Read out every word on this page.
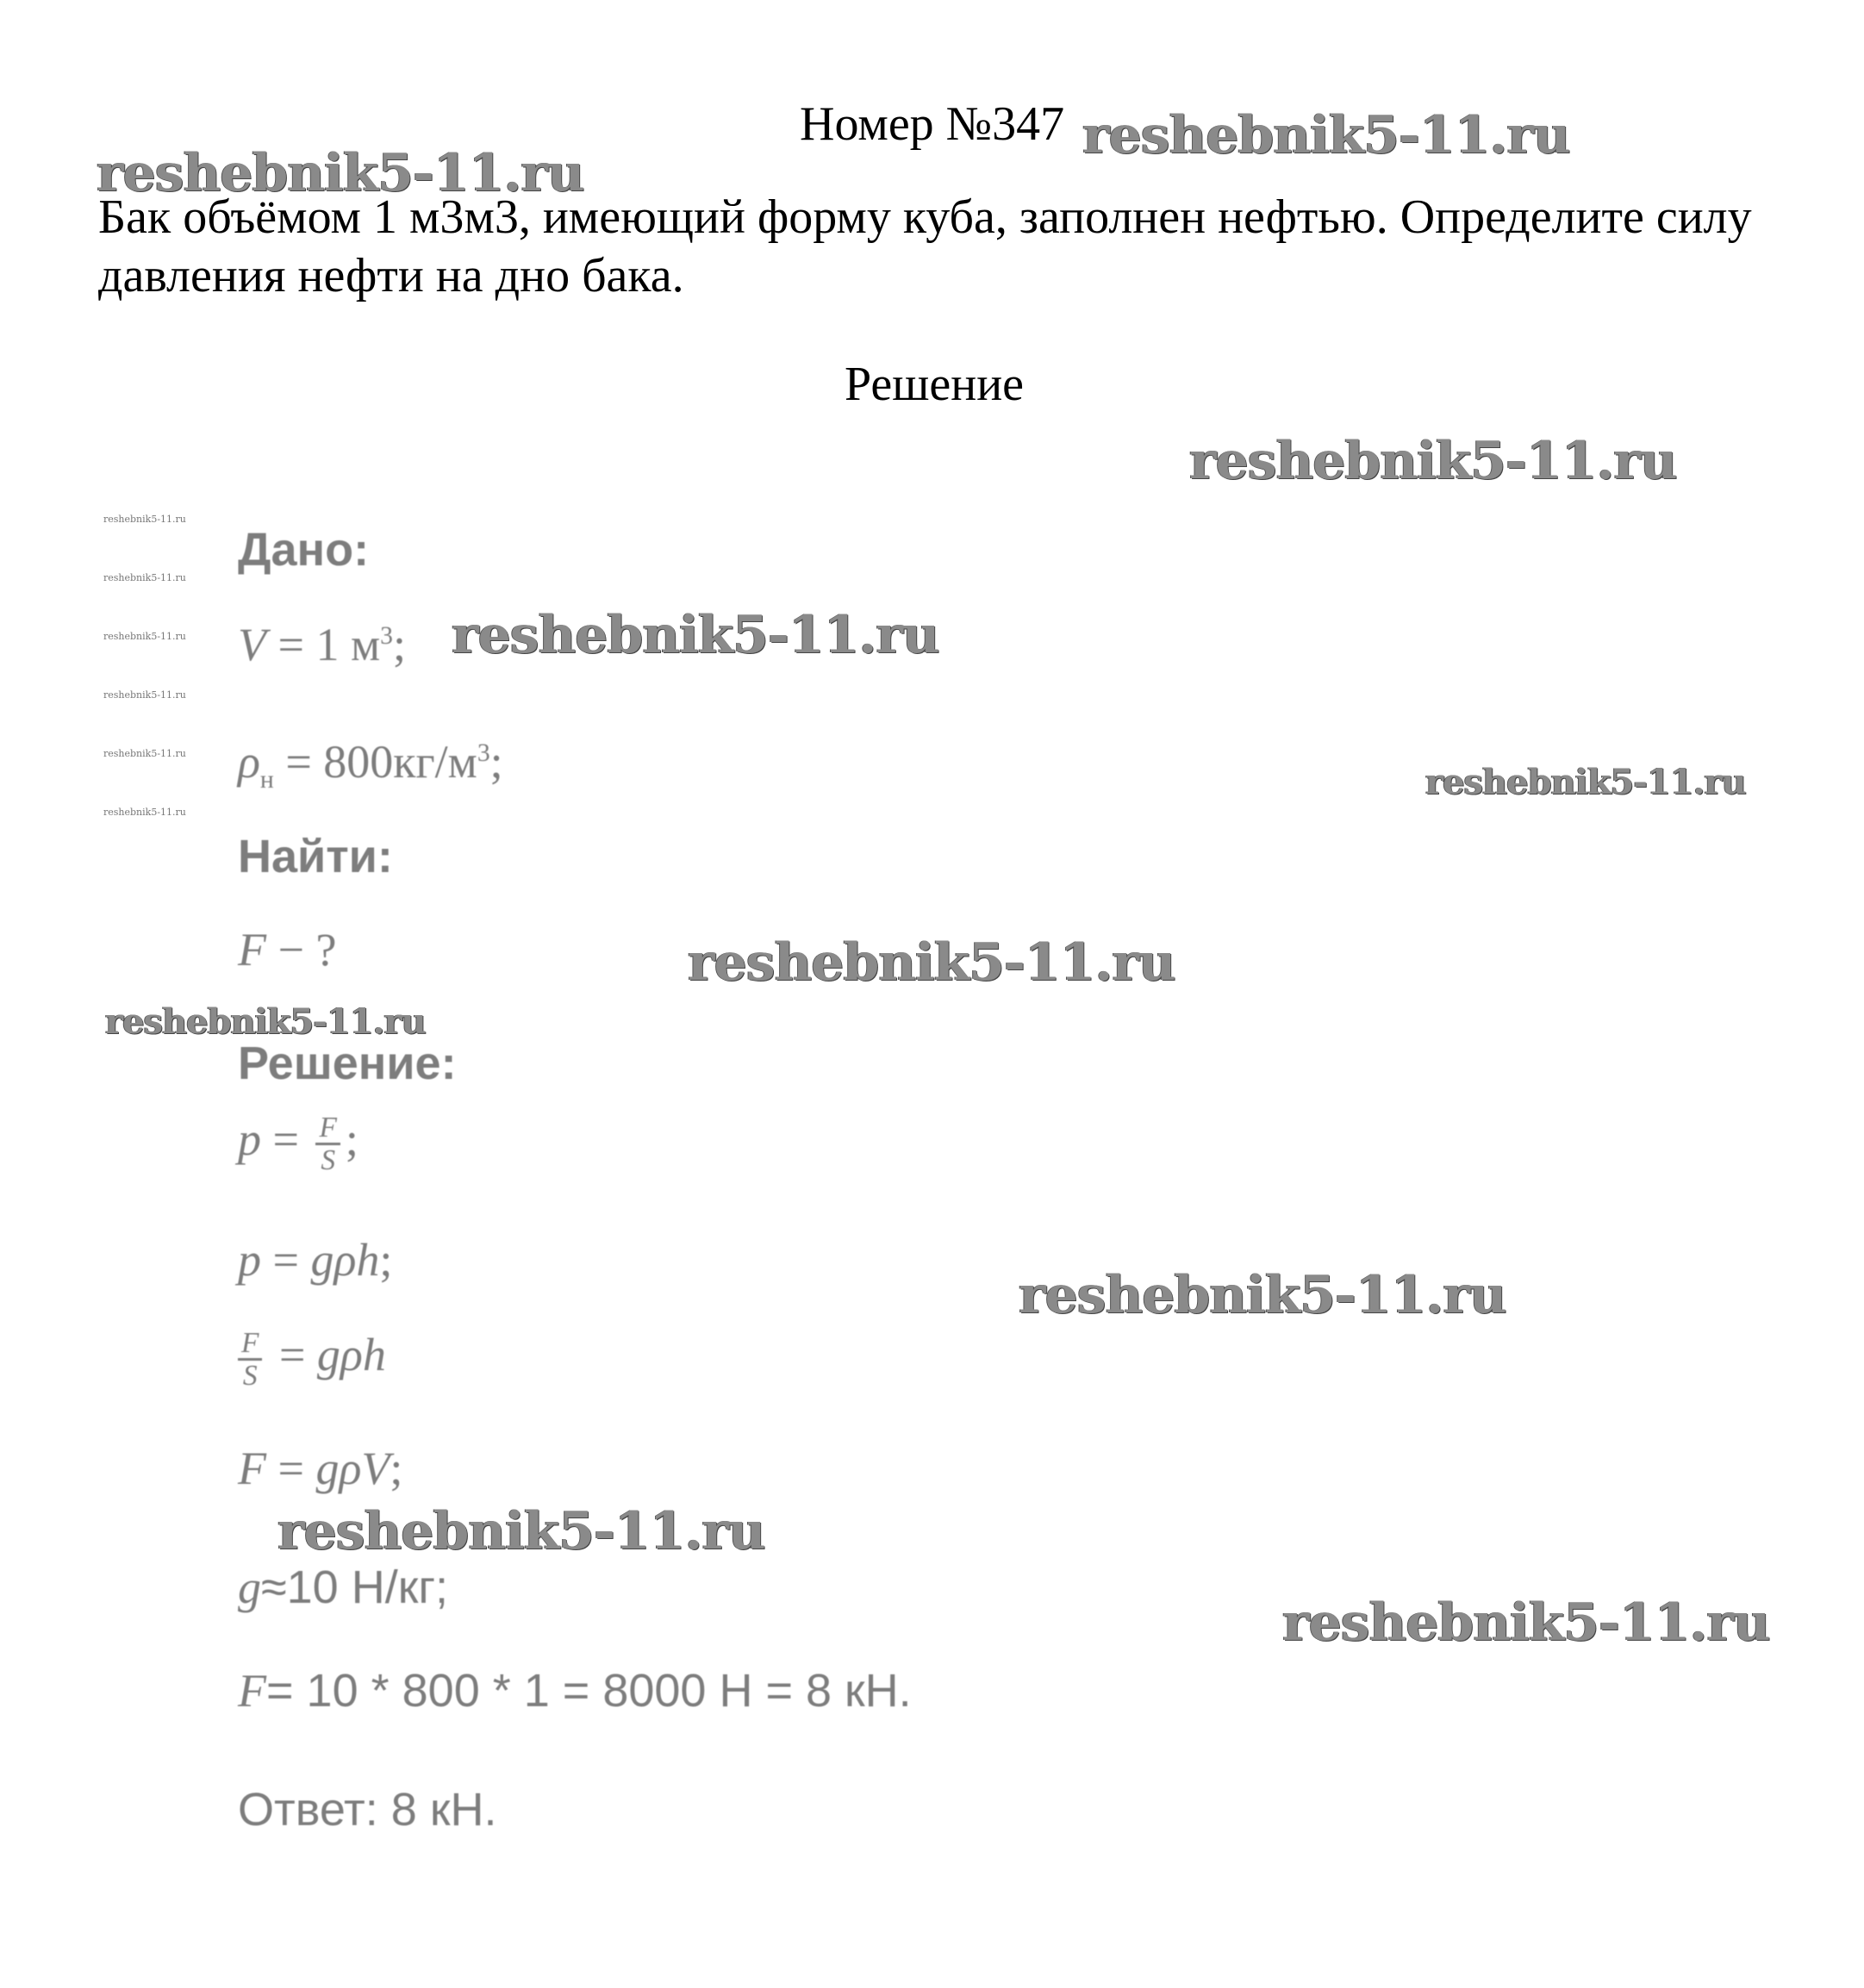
Номер №347
Бак объёмом 1 м3м3, имеющий форму куба, заполнен нефтью. Определите силу давления нефти на дно бака.
Решение
Дано:
V = 1 $м^3$;
$\rho_н = 800кг/м^3$;
Найти:
F − ?
Решение:
$p = \frac{F}{S}$ ;
p = gρh;
$\frac{F}{S} = g\rho h$
F = gρV;
g≈10 Н/кг;
F= 10 * 800 * 1 = 8000 Н = 8 кН.
Ответ: 8 кН.
reshebnik5-11.ru
reshebnik5-11.ru
reshebnik5-11.ru
reshebnik5-11.ru
reshebnik5-11.ru
reshebnik5-11.ru
reshebnik5-11.ru
reshebnik5-11.ru
reshebnik5-11.ru
reshebnik5-11.ru
reshebnik5-11.ru
reshebnik5-11.ru
reshebnik5-11.ru
reshebnik5-11.ru
reshebnik5-11.ru
reshebnik5-11.ru
